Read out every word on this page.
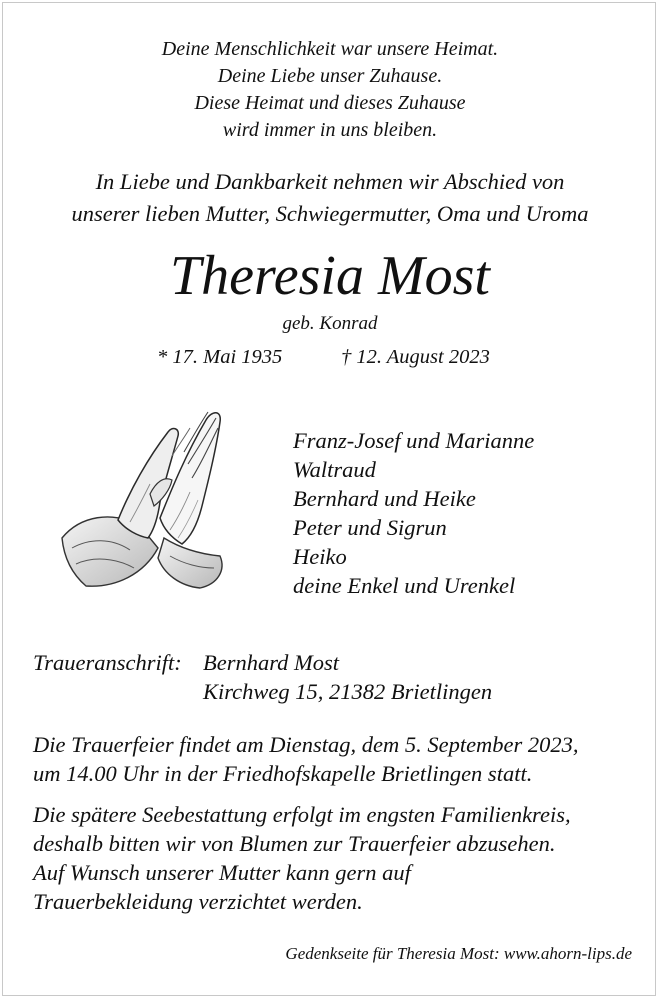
Deine Menschlichkeit war unsere Heimat.
Deine Liebe unser Zuhause.
Diese Heimat und dieses Zuhause
wird immer in uns bleiben.
In Liebe und Dankbarkeit nehmen wir Abschied von
unserer lieben Mutter, Schwiegermutter, Oma und Uroma
Theresia Most
geb. Konrad
* 17. Mai 1935	† 12. August 2023
Franz-Josef und Marianne
Waltraud
Bernhard und Heike
Peter und Sigrun
Heiko
deine Enkel und Urenkel
Traueranschrift: Bernhard Most
Kirchweg 15, 21382 Brietlingen
Die Trauerfeier findet am Dienstag, dem 5. September 2023,
um 14.00 Uhr in der Friedhofskapelle Brietlingen statt.
Die spätere Seebestattung erfolgt im engsten Familienkreis,
deshalb bitten wir von Blumen zur Trauerfeier abzusehen.
Auf Wunsch unserer Mutter kann gern auf
Trauerbekleidung verzichtet werden.
Gedenkseite für Theresia Most: www.ahorn-lips.de
